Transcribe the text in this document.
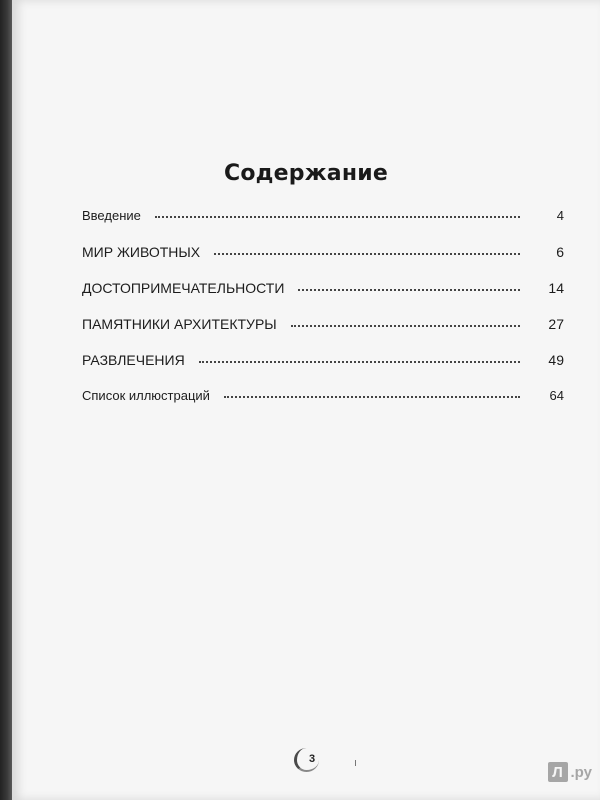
Содержание
Введение	4
МИР ЖИВОТНЫХ	6
ДОСТОПРИМЕЧАТЕЛЬНОСТИ	14
ПАМЯТНИКИ АРХИТЕКТУРЫ	27
РАЗВЛЕЧЕНИЯ	49
Список иллюстраций	64
3
Л .ру
